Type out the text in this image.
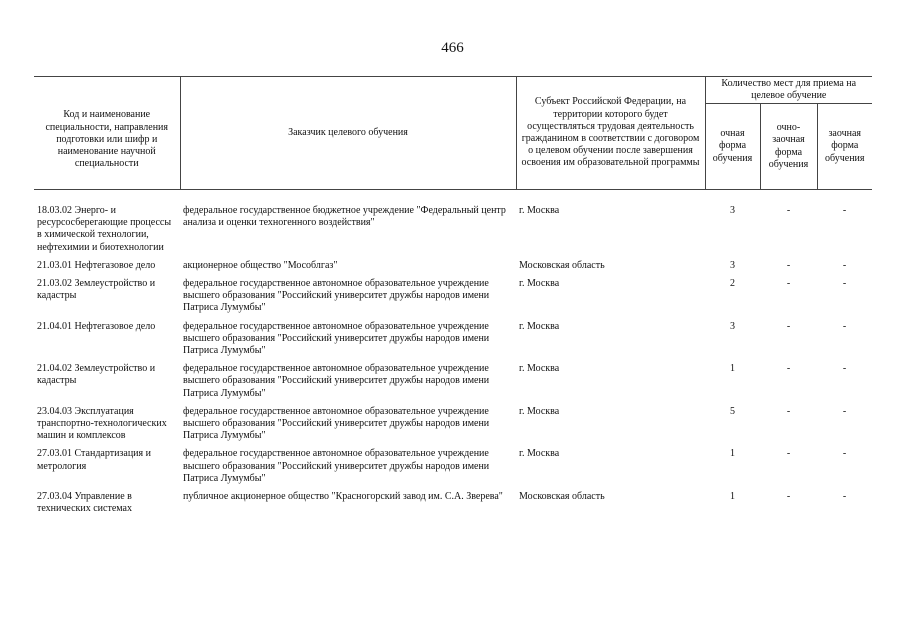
466
Код и наименование специальности, направления подготовки или шифр и наименование научной специальности	Заказчик целевого обучения	Субъект Российской Федерации, на территории которого будет осуществляться трудовая деятельность гражданином в соответствии с договором о целевом обучении после завершения освоения им образовательной программы	Количество мест для приема на целевое обучение		
			очная форма обучения	очно-заочная форма обучения	заочная форма обучения

18.03.02 Энерго- и ресурсосберегающие процессы в химической технологии, нефтехимии и биотехнологии	федеральное государственное бюджетное учреждение "Федеральный центр анализа и оценки техногенного воздействия"	г. Москва	3	-	-
21.03.01 Нефтегазовое дело	акционерное общество "Мособлгаз"	Московская область	3	-	-
21.03.02 Землеустройство и кадастры	федеральное государственное автономное образовательное учреждение высшего образования "Российский университет дружбы народов имени Патриса Лумумбы"	г. Москва	2	-	-
21.04.01 Нефтегазовое дело	федеральное государственное автономное образовательное учреждение высшего образования "Российский университет дружбы народов имени Патриса Лумумбы"	г. Москва	3	-	-
21.04.02 Землеустройство и кадастры	федеральное государственное автономное образовательное учреждение высшего образования "Российский университет дружбы народов имени Патриса Лумумбы"	г. Москва	1	-	-
23.04.03 Эксплуатация транспортно-технологических машин и комплексов	федеральное государственное автономное образовательное учреждение высшего образования "Российский университет дружбы народов имени Патриса Лумумбы"	г. Москва	5	-	-
27.03.01 Стандартизация и метрология	федеральное государственное автономное образовательное учреждение высшего образования "Российский университет дружбы народов имени Патриса Лумумбы"	г. Москва	1	-	-
27.03.04 Управление в технических системах	публичное акционерное общество "Красногорский завод им. С.А. Зверева"	Московская область	1	-	-
